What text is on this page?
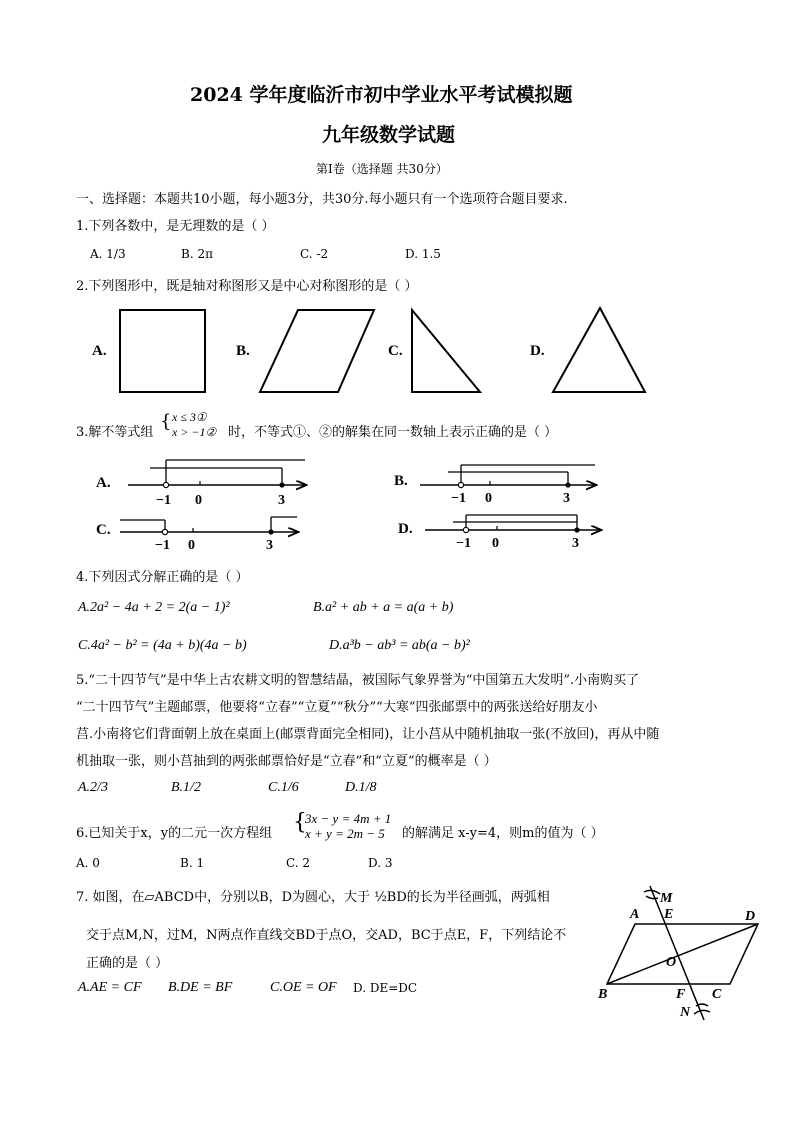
2024 学年度临沂市初中学业水平考试模拟题
九年级数学试题
第Ⅰ卷（选择题 共30分）
一、选择题：本题共10小题，每小题3分，共30分.每小题只有一个选项符合题目要求.
1.下列各数中，是无理数的是（ ）
A. 1/3	B. 2π	C. -2	D. 1.5
2.下列图形中，既是轴对称图形又是中心对称图形的是（ ）
A.	B.	C.	D.
3.解不等式组
{ x ≤ 3①
x > −1② 时，不等式①、②的解集在同一数轴上表示正确的是（ ）
A.	B.
C.	D.
−1 0	3	−1 0	3
−1 0	3	−1 0	3
4.下列因式分解正确的是（ ）
A.2a² − 4a + 2 = 2(a − 1)²	B.a² + ab + a = a(a + b)
C.4a² − b² = (4a + b)(4a − b)	D.a³b − ab³ = ab(a − b)²
5.“二十四节气”是中华上古农耕文明的智慧结晶，被国际气象界誉为“中国第五大发明”.小南购买了
“二十四节气”主题邮票，他要将“立春”“立夏”“秋分”“大寒”四张邮票中的两张送给好朋友小
莒.小南将它们背面朝上放在桌面上(邮票背面完全相同)，让小莒从中随机抽取一张(不放回)，再从中随
机抽取一张，则小莒抽到的两张邮票恰好是“立春”和“立夏”的概率是（ ）
A.2/3	B.1/2	C.1/6	D.1/8
6.已知关于x，y的二元一次方程组 {
3x − y = 4m + 1
x + y = 2m − 5 的解满足 x-y=4，则m的值为（ ）
A. 0	B. 1	C. 2	D. 3
7. 如图，在▱ABCD中，分别以B，D为圆心，大于 ½BD的长为半径画弧，两弧相
交于点M,N，过M，N两点作直线交BD于点O，交AD，BC于点E，F，下列结论不
正确的是（ ）
A.AE = CF B.DE = BF	C.OE = OF D. DE=DC
M
A E	D
O
B	F C
N
